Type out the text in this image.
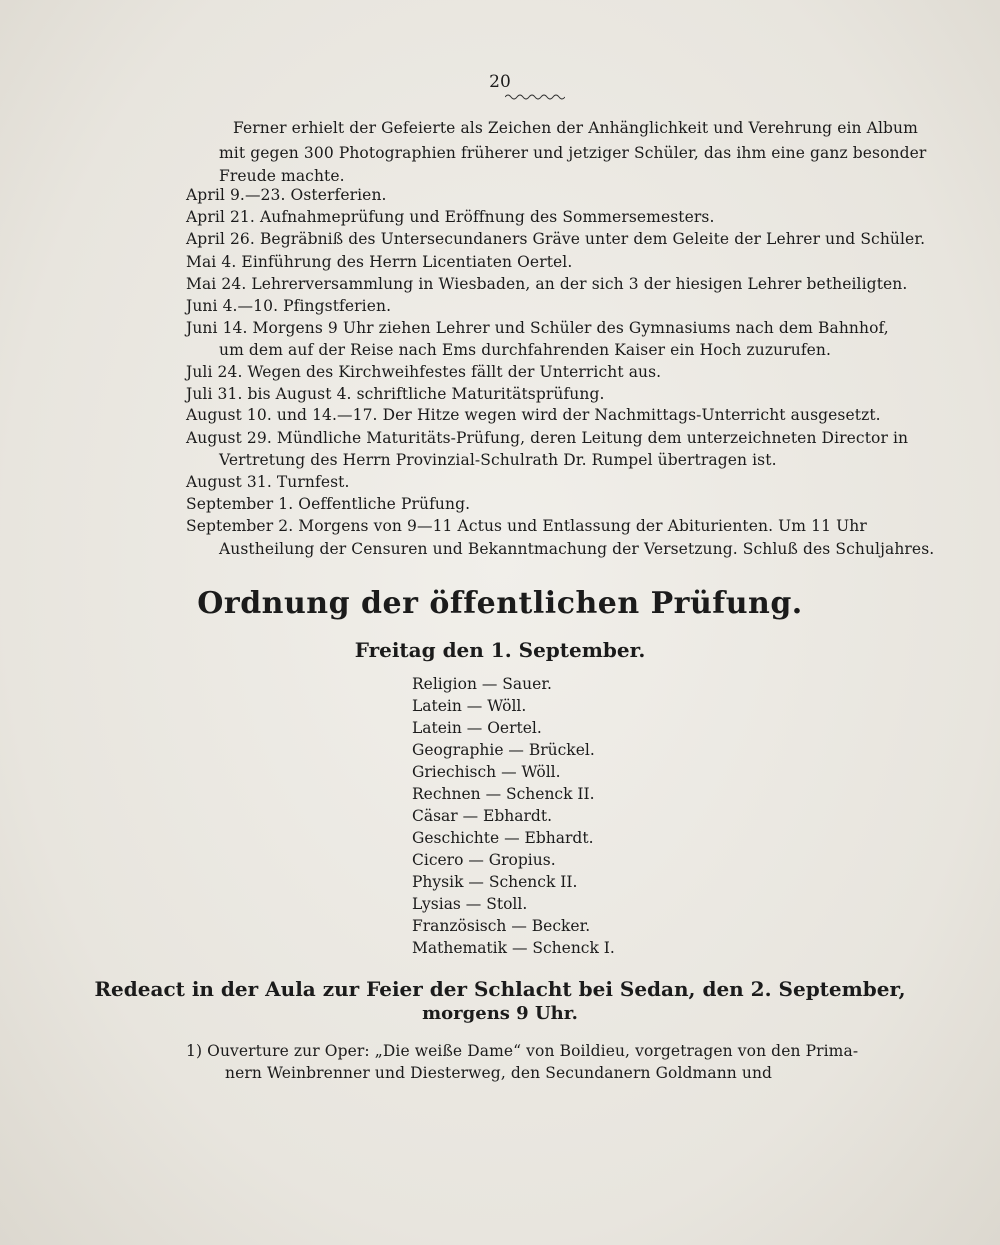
20
Ferner erhielt der Gefeierte als Zeichen der Anhänglichkeit und Verehrung ein Album
mit gegen 300 Photographien früherer und jetziger Schüler, das ihm eine ganz besonder
Freude machte.
April 9.—23. Osterferien.
April 21. Aufnahmeprüfung und Eröffnung des Sommersemesters.
April 26. Begräbniß des Untersecundaners Gräve unter dem Geleite der Lehrer und Schüler.
Mai 4. Einführung des Herrn Licentiaten Oertel.
Mai 24. Lehrerversammlung in Wiesbaden, an der sich 3 der hiesigen Lehrer betheiligten.
Juni 4.—10. Pfingstferien.
Juni 14. Morgens 9 Uhr ziehen Lehrer und Schüler des Gymnasiums nach dem Bahnhof,
um dem auf der Reise nach Ems durchfahrenden Kaiser ein Hoch zuzurufen.
Juli 24. Wegen des Kirchweihfestes fällt der Unterricht aus.
Juli 31. bis August 4. schriftliche Maturitätsprüfung.
August 10. und 14.—17. Der Hitze wegen wird der Nachmittags-Unterricht ausgesetzt.
August 29. Mündliche Maturitäts-Prüfung, deren Leitung dem unterzeichneten Director in
Vertretung des Herrn Provinzial-Schulrath Dr. Rumpel übertragen ist.
August 31. Turnfest.
September 1. Oeffentliche Prüfung.
September 2. Morgens von 9—11 Actus und Entlassung der Abiturienten. Um 11 Uhr
Austheilung der Censuren und Bekanntmachung der Versetzung. Schluß des Schuljahres.
Ordnung der öffentlichen Prüfung.
Freitag den 1. September.
Religion — Sauer.
Latein — Wöll.
Latein — Oertel.
Geographie — Brückel.
Griechisch — Wöll.
Rechnen — Schenck II.
Cäsar — Ebhardt.
Geschichte — Ebhardt.
Cicero — Gropius.
Physik — Schenck II.
Lysias — Stoll.
Französisch — Becker.
Mathematik — Schenck I.
Redeact in der Aula zur Feier der Schlacht bei Sedan, den 2. September,
morgens 9 Uhr.
1) Ouverture zur Oper: „Die weiße Dame“ von Boildieu, vorgetragen von den Prima-
nern Weinbrenner und Diesterweg, den Secundanern Goldmann und
